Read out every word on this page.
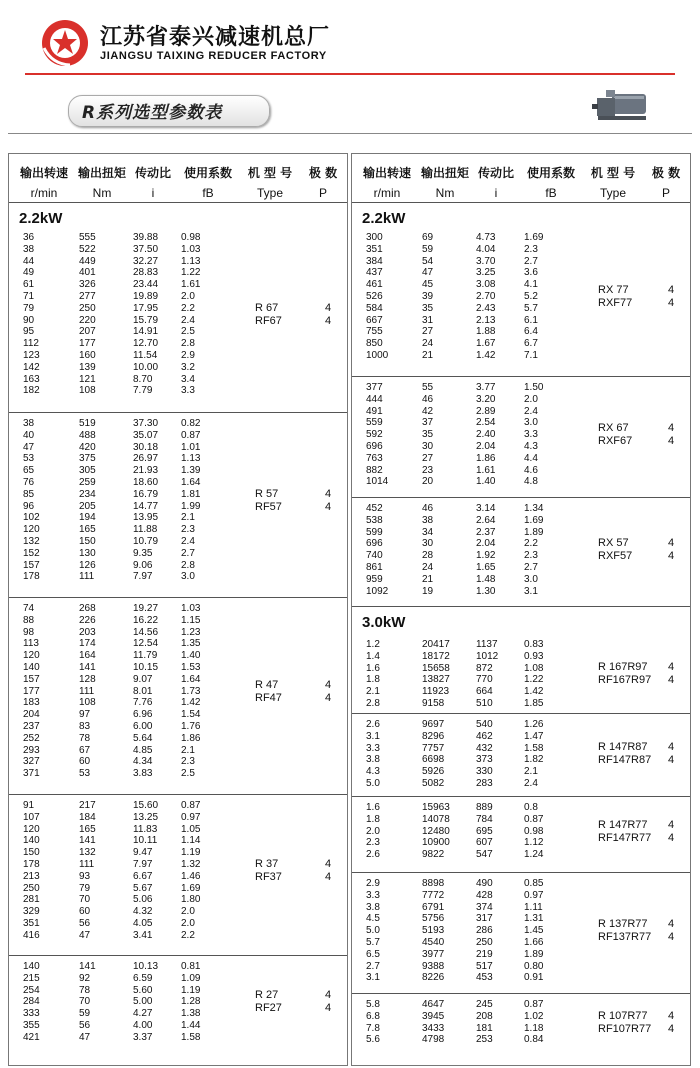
江苏省泰兴减速机总厂
JIANGSU TAIXING REDUCER FACTORY
R系列选型参数表
输出转速
r/min
输出扭矩
Nm
传动比
i
使用系数
fB
机 型 号
Type
极 数
P
2.2kW
36	555	39.88 0.98
38	522	37.50 1.03
44	449	32.27 1.13
49	401	28.83 1.22
61	326	23.44 1.61
71	277	19.89 2.0
79	250	17.95 2.2
90	220	15.79 2.4
95	207	14.91 2.5
112	177	12.70 2.8
123	160	11.54 2.9
142	139	10.00 3.2
163	121	8.70	3.4
182	108	7.79	3.3
R 67
RF67
4
4
38	519	37.30 0.82
40	488	35.07 0.87
47	420	30.18 1.01
53	375	26.97 1.13
65	305	21.93 1.39
76	259	18.60 1.64
85	234	16.79 1.81
96	205	14.77 1.99
102	194	13.95 2.1
120	165	11.88 2.3
132	150	10.79 2.4
152	130	9.35	2.7
157	126	9.06	2.8
178	111	7.97	3.0
R 57
RF57
4
4
74	268	19.27 1.03
88	226	16.22 1.15
98	203	14.56 1.23
113	174	12.54 1.35
120	164	11.79 1.40
140	141	10.15 1.53
157	128	9.07	1.64
177	111	8.01	1.73
183	108	7.76	1.42
204	97	6.96	1.54
237	83	6.00	1.76
252	78	5.64	1.86
293	67	4.85	2.1
327	60	4.34	2.3
371	53	3.83	2.5
R 47
RF47
4
4
91	217	15.60 0.87
107	184	13.25 0.97
120	165	11.83 1.05
140	141	10.11 1.14
150	132	9.47	1.19
178	111	7.97	1.32
213	93	6.67	1.46
250	79	5.67	1.69
281	70	5.06	1.80
329	60	4.32	2.0
351	56	4.05	2.0
416	47	3.41	2.2
R 37
RF37
4
4
140	141	10.13 0.81
215	92	6.59	1.09
254	78	5.60	1.19
284	70	5.00	1.28
333	59	4.27	1.38
355	56	4.00	1.44
421	47	3.37	1.58
R 27
RF27
4
4
输出转速
r/min
输出扭矩
Nm
传动比
i
使用系数
fB
机 型 号
Type
极 数
P
2.2kW
3.0kW
300	69	4.73	1.69
351	59	4.04	2.3
384	54	3.70	2.7
437	47	3.25	3.6
461	45	3.08	4.1
526	39	2.70	5.2
584	35	2.43	5.7
667	31	2.13	6.1
755	27	1.88	6.4
850	24	1.67	6.7
1000	21	1.42	7.1
RX 77
RXF77
4
4
377	55	3.77	1.50
444	46	3.20	2.0
491	42	2.89	2.4
559	37	2.54	3.0
592	35	2.40	3.3
696	30	2.04	4.3
763	27	1.86	4.4
882	23	1.61	4.6
1014	20	1.40	4.8
RX 67
RXF67
4
4
452	46	3.14	1.34
538	38	2.64	1.69
599	34	2.37	1.89
696	30	2.04	2.2
740	28	1.92	2.3
861	24	1.65	2.7
959	21	1.48	3.0
1092	19	1.30	3.1
RX 57
RXF57
4
4
1.2	20417	1137	0.83
1.4	18172	1012	0.93
1.6	15658	872	1.08
1.8	13827	770	1.22
2.1	11923	664	1.42
2.8	9158	510	1.85
R 167R97
RF167R97
4
4
2.6	9697	540	1.26
3.1	8296	462	1.47
3.3	7757	432	1.58
3.8	6698	373	1.82
4.3	5926	330	2.1
5.0	5082	283	2.4
R 147R87
RF147R87
4
4
1.6	15963	889	0.8
1.8	14078	784	0.87
2.0	12480	695	0.98
2.3	10900	607	1.12
2.6	9822	547	1.24
R 147R77
RF147R77
4
4
2.9	8898	490	0.85
3.3	7772	428	0.97
3.8	6791	374	1.11
4.5	5756	317	1.31
5.0	5193	286	1.45
5.7	4540	250	1.66
6.5	3977	219	1.89
2.7	9388	517	0.80
3.1	8226	453	0.91
R 137R77
RF137R77
4
4
5.8	4647	245	0.87
6.8	3945	208	1.02
7.8	3433	181	1.18
5.6	4798	253	0.84
R 107R77
RF107R77
4
4
